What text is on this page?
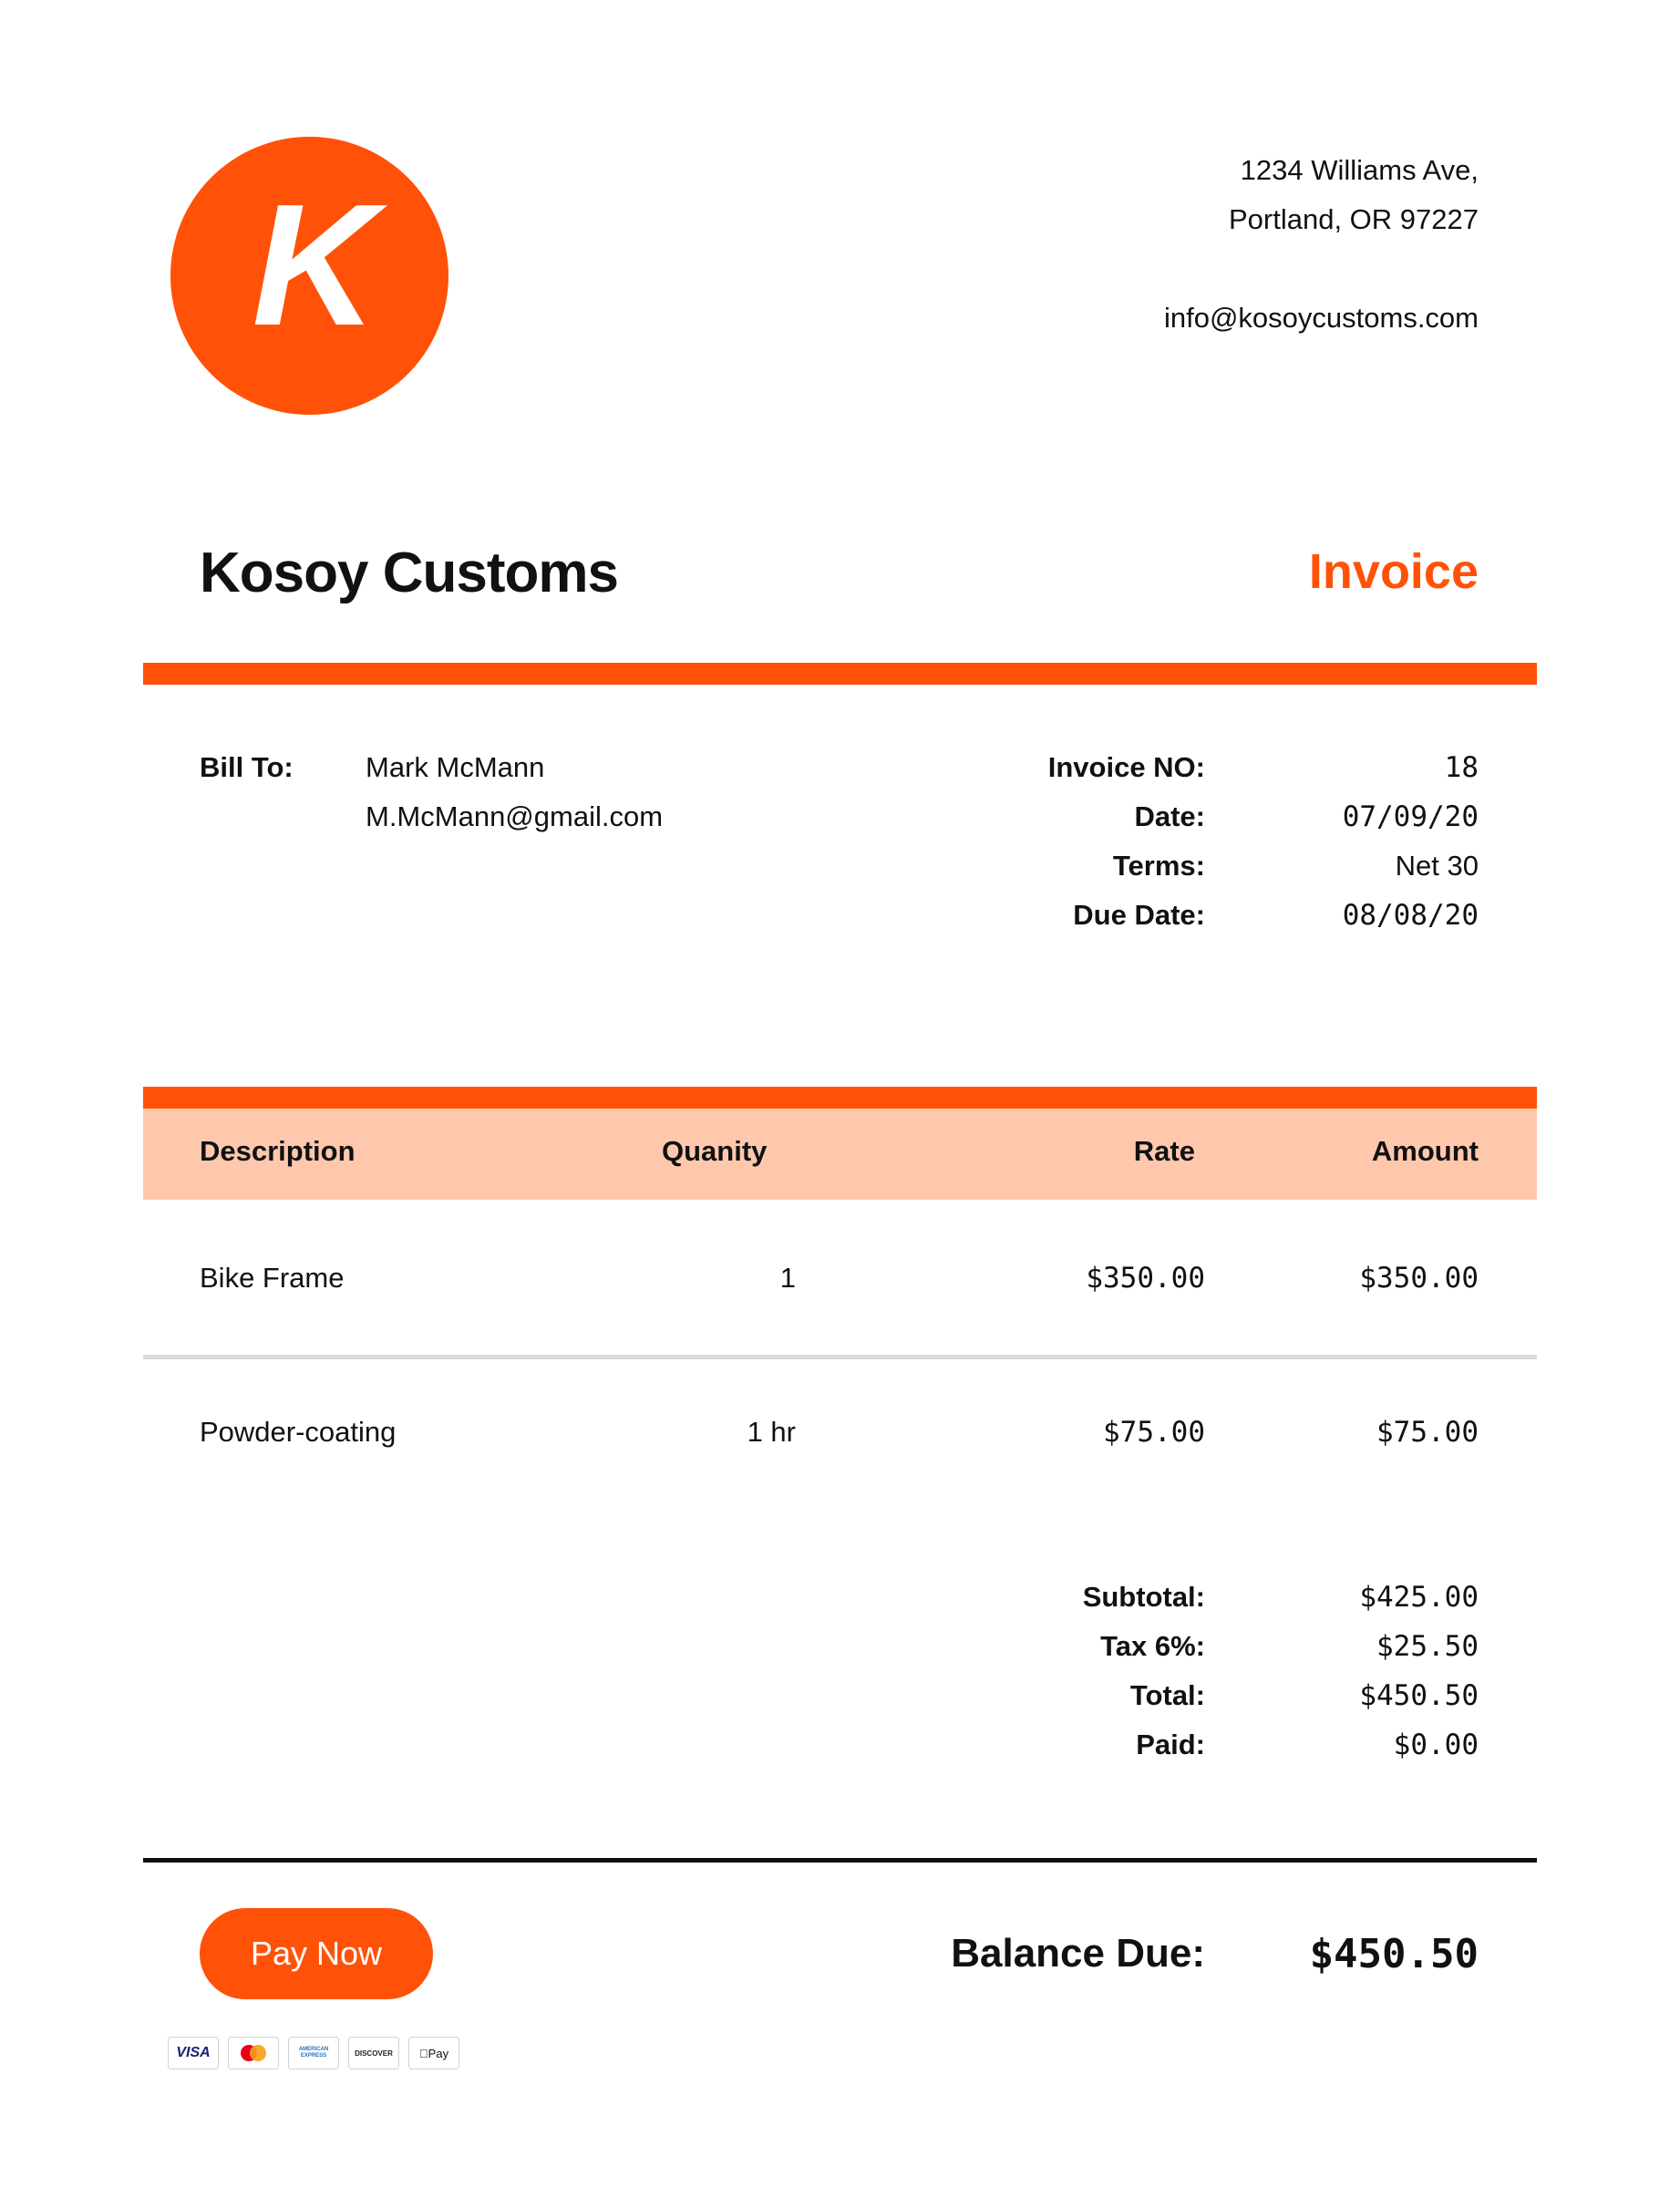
K	1234 Williams Ave,
Portland, OR 97227
info@kosoycustoms.com
Kosoy Customs	Invoice
Bill To:	Mark McMann
M.McMann@gmail.com
Invoice NO:	18
Date:	07/09/20
Terms:	Net 30
Due Date:	08/08/20
Description	Quanity	Rate	Amount
Bike Frame	1	$350.00	$350.00
Powder-coating	1 hr	$75.00	$75.00
Subtotal:	$425.00
Tax 6%:	$25.50
Total:	$450.50
Paid:	$0.00
Pay Now	Balance Due:	$450.50
VISA	AMERICAN EXPRESS	DISCOVER	Pay
